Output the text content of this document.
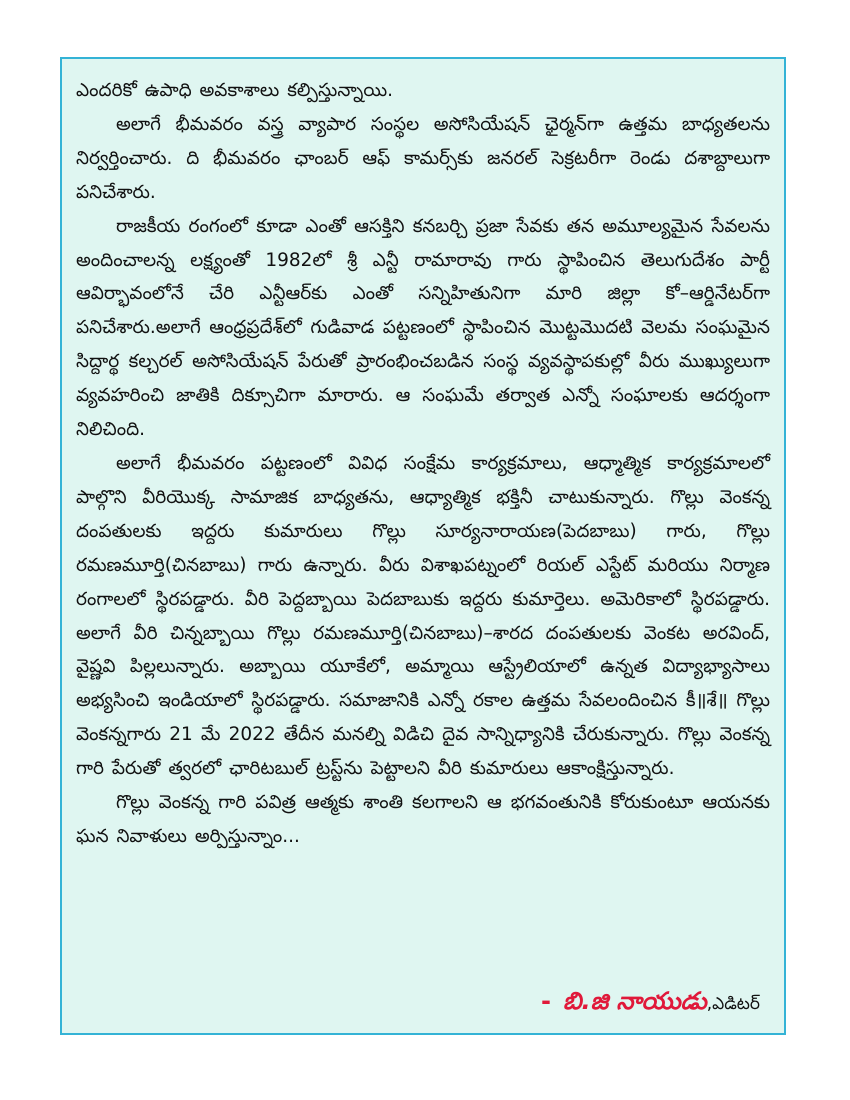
ఎందరికో ఉపాధి అవకాశాలు కల్పిస్తున్నాయి.

అలాగే భీమవరం వస్త్ర వ్యాపార సంస్థల అసోసియేషన్ ఛైర్మన్‌గా ఉత్తమ బాధ్యతలను నిర్వర్తించారు. ది భీమవరం ఛాంబర్ ఆఫ్ కామర్స్‌కు జనరల్ సెక్రటరీగా రెండు దశాబ్దాలుగా పనిచేశారు.

రాజకీయ రంగంలో కూడా ఎంతో ఆసక్తిని కనబర్చి ప్రజా సేవకు తన అమూల్యమైన సేవలను అందించాలన్న లక్ష్యంతో 1982లో శ్రీ ఎన్టీ రామారావు గారు స్థాపించిన తెలుగుదేశం పార్టీ ఆవిర్భావంలోనే చేరి ఎన్టీఆర్‌కు ఎంతో సన్నిహితునిగా మారి జిల్లా కో–ఆర్డినేటర్‌గా పనిచేశారు.అలాగే ఆంధ్రప్రదేశ్‌లో గుడివాడ పట్టణంలో స్థాపించిన మొట్టమొదటి వెలమ సంఘమైన సిద్దార్థ కల్చరల్ అసోసియేషన్ పేరుతో ప్రారంభించబడిన సంస్థ వ్యవస్థాపకుల్లో వీరు ముఖ్యులుగా వ్యవహరించి జాతికి దిక్సూచిగా మారారు. ఆ సంఘమే తర్వాత ఎన్నో సంఘాలకు ఆదర్శంగా నిలిచింది.

అలాగే భీమవరం పట్టణంలో వివిధ సంక్షేమ కార్యక్రమాలు, ఆధ్మాత్మిక కార్యక్రమాలలో పాల్గొని వీరియొక్క సామాజిక బాధ్యతను, ఆధ్యాత్మిక భక్తినీ చాటుకున్నారు. గొల్లు వెంకన్న దంపతులకు ఇద్దరు కుమారులు గొల్లు సూర్యనారాయణ(పెదబాబు) గారు, గొల్లు రమణమూర్తి(చినబాబు) గారు ఉన్నారు. వీరు విశాఖపట్నంలో రియల్ ఎస్టేట్ మరియు నిర్మాణ రంగాలలో స్థిరపడ్డారు. వీరి పెద్దబ్బాయి పెదబాబుకు ఇద్దరు కుమార్తెలు. అమెరికాలో స్థిరపడ్డారు. అలాగే వీరి చిన్నబ్బాయి గొల్లు రమణమూర్తి(చినబాబు)–శారద దంపతులకు వెంకట అరవింద్, వైష్ణవి పిల్లలున్నారు. అబ్బాయి యూకేలో, అమ్మాయి ఆస్ట్రేలియాలో ఉన్నత విద్యాభ్యాసాలు అభ్యసించి ఇండియాలో స్థిరపడ్డారు. సమాజానికి ఎన్నో రకాల ఉత్తమ సేవలందించిన కీ॥శే॥ గొల్లు వెంకన్నగారు 21 మే 2022 తేదీన మనల్ని విడిచి దైవ సాన్నిధ్యానికి చేరుకున్నారు. గొల్లు వెంకన్న గారి పేరుతో త్వరలో ఛారిటబుల్ ట్రస్ట్‌ను పెట్టాలని వీరి కుమారులు ఆకాంక్షిస్తున్నారు.

గొల్లు వెంకన్న గారి పవిత్ర ఆత్మకు శాంతి కలగాలని ఆ భగవంతునికి కోరుకుంటూ ఆయనకు ఘన నివాళులు అర్పిస్తున్నాం...

- బి.జి నాయుడు,ఎడిటర్
